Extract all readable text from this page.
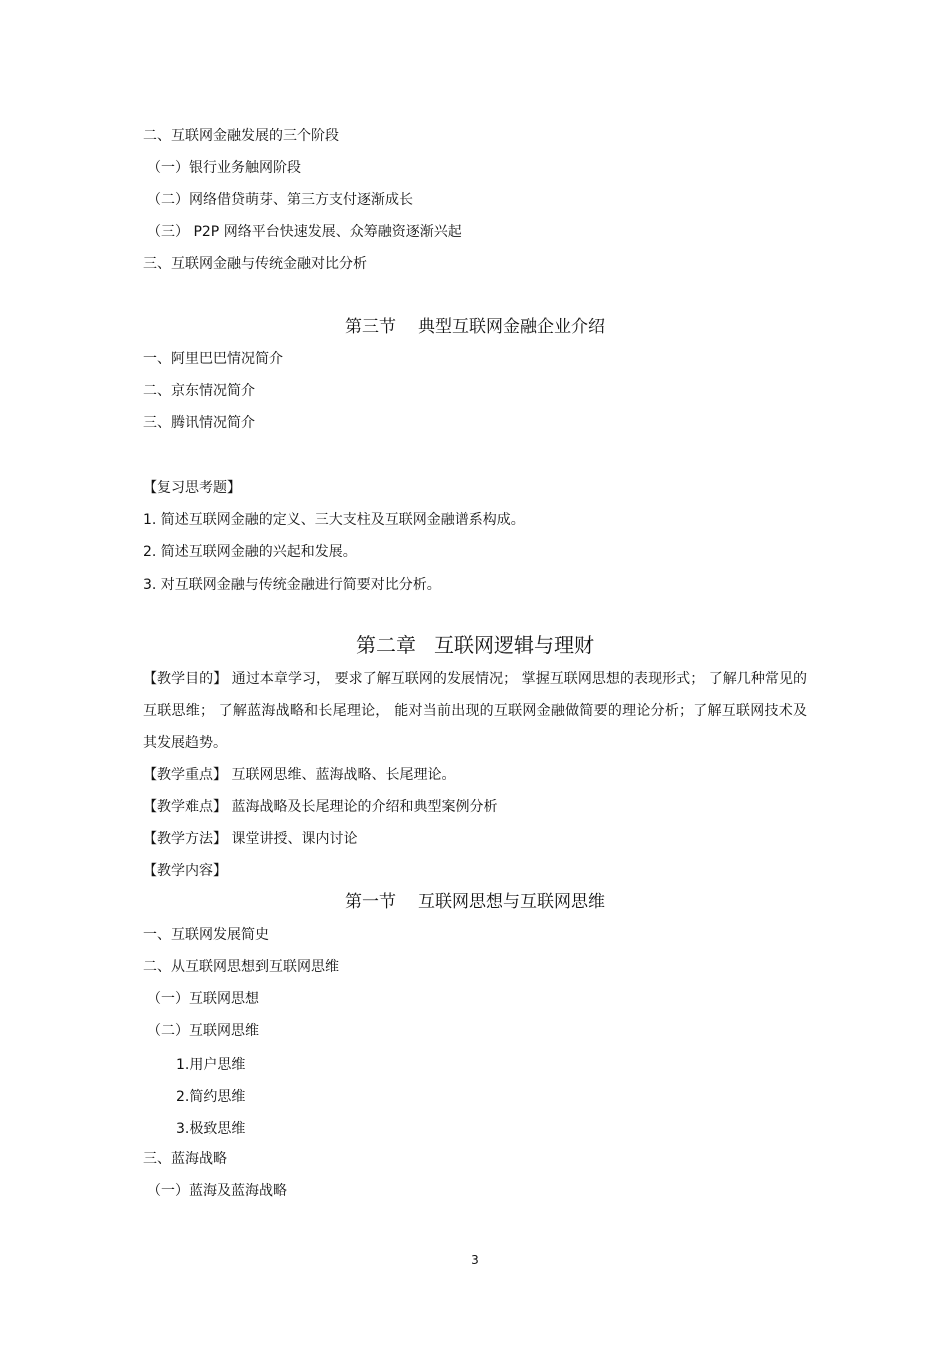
二、互联网金融发展的三个阶段
（一）银行业务触网阶段
（二）网络借贷萌芽、第三方支付逐渐成长
（三） P2P 网络平台快速发展、众筹融资逐渐兴起
三、互联网金融与传统金融对比分析
第三节 典型互联网金融企业介绍
一、阿里巴巴情况简介
二、京东情况简介
三、腾讯情况简介
【复习思考题】
1. 简述互联网金融的定义、三大支柱及互联网金融谱系构成。
2. 简述互联网金融的兴起和发展。
3. 对互联网金融与传统金融进行简要对比分析。
第二章 互联网逻辑与理财
【教学目的】 通过本章学习， 要求了解互联网的发展情况； 掌握互联网思想的表现形式； 了解几种常见的互联思维； 了解蓝海战略和长尾理论， 能对当前出现的互联网金融做简要的理论分析；了解互联网技术及其发展趋势。
【教学重点】 互联网思维、蓝海战略、长尾理论。
【教学难点】 蓝海战略及长尾理论的介绍和典型案例分析
【教学方法】 课堂讲授、课内讨论
【教学内容】
第一节 互联网思想与互联网思维
一、互联网发展简史
二、从互联网思想到互联网思维
（一）互联网思想
（二）互联网思维
1.用户思维
2.简约思维
3.极致思维
三、蓝海战略
（一）蓝海及蓝海战略
3
